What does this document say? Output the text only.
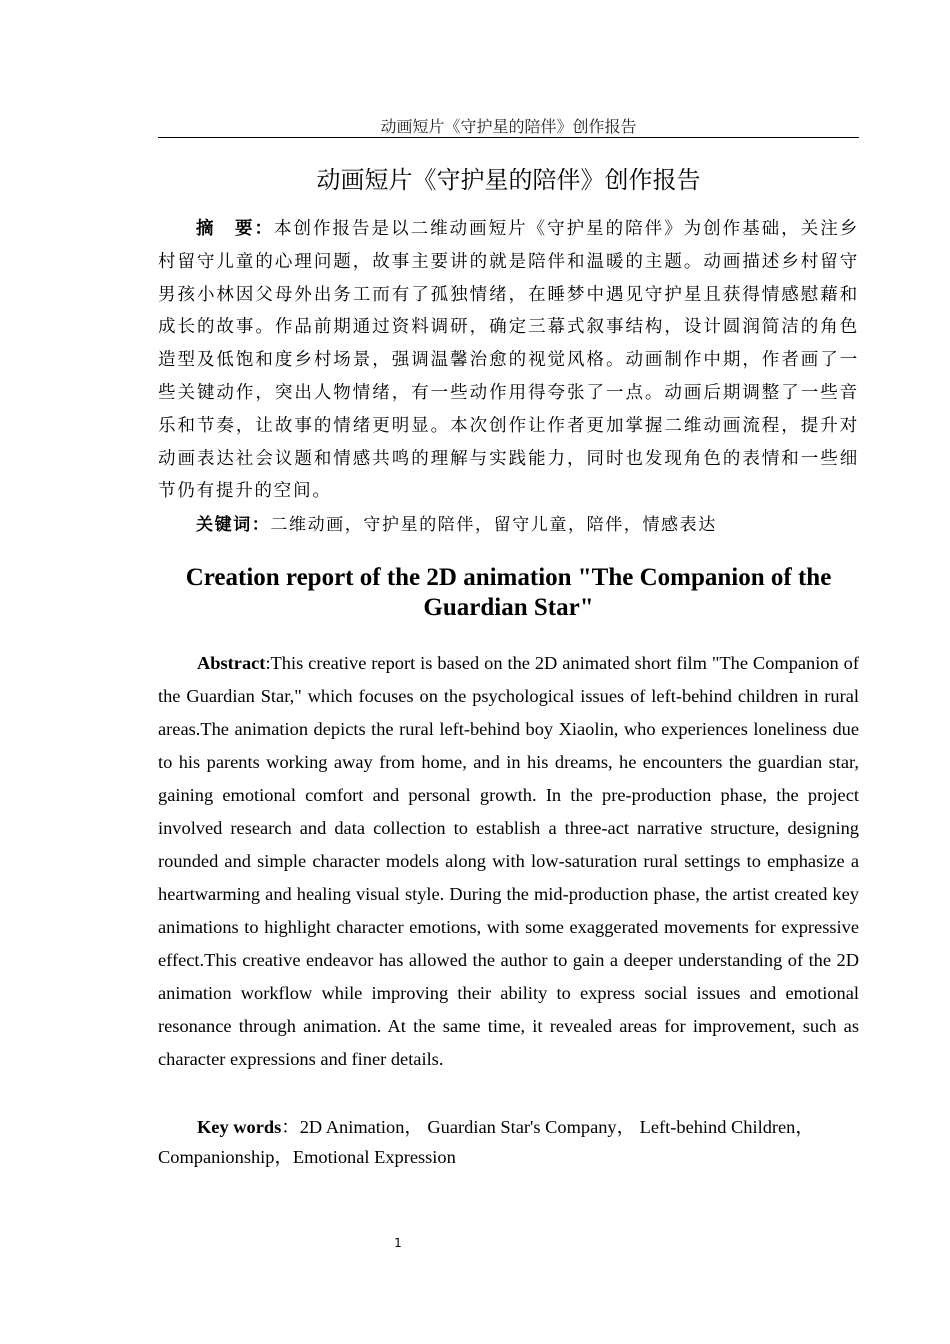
动画短片《守护星的陪伴》创作报告
动画短片《守护星的陪伴》创作报告

摘　要：本创作报告是以二维动画短片《守护星的陪伴》为创作基础，关注乡村留守儿童的心理问题，故事主要讲的就是陪伴和温暖的主题。动画描述乡村留守男孩小林因父母外出务工而有了孤独情绪，在睡梦中遇见守护星且获得情感慰藉和成长的故事。作品前期通过资料调研，确定三幕式叙事结构，设计圆润简洁的角色造型及低饱和度乡村场景，强调温馨治愈的视觉风格。动画制作中期，作者画了一些关键动作，突出人物情绪，有一些动作用得夸张了一点。动画后期调整了一些音乐和节奏，让故事的情绪更明显。本次创作让作者更加掌握二维动画流程，提升对动画表达社会议题和情感共鸣的理解与实践能力，同时也发现角色的表情和一些细节仍有提升的空间。

关键词：二维动画，守护星的陪伴，留守儿童，陪伴，情感表达

Creation report of the 2D animation "The Companion of the Guardian Star"

Abstract:This creative report is based on the 2D animated short film "The Companion of the Guardian Star," which focuses on the psychological issues of left-behind children in rural areas.The animation depicts the rural left-behind boy Xiaolin, who experiences loneliness due to his parents working away from home, and in his dreams, he encounters the guardian star, gaining emotional comfort and personal growth. In the pre-production phase, the project involved research and data collection to establish a three-act narrative structure, designing rounded and simple character models along with low-saturation rural settings to emphasize a heartwarming and healing visual style. During the mid-production phase, the artist created key animations to highlight character emotions, with some exaggerated movements for expressive effect.This creative endeavor has allowed the author to gain a deeper understanding of the 2D animation workflow while improving their ability to express social issues and emotional resonance through animation. At the same time, it revealed areas for improvement, such as character expressions and finer details.

Key words：2D Animation， Guardian Star's Company， Left-behind Children，Companionship，Emotional Expression

1
